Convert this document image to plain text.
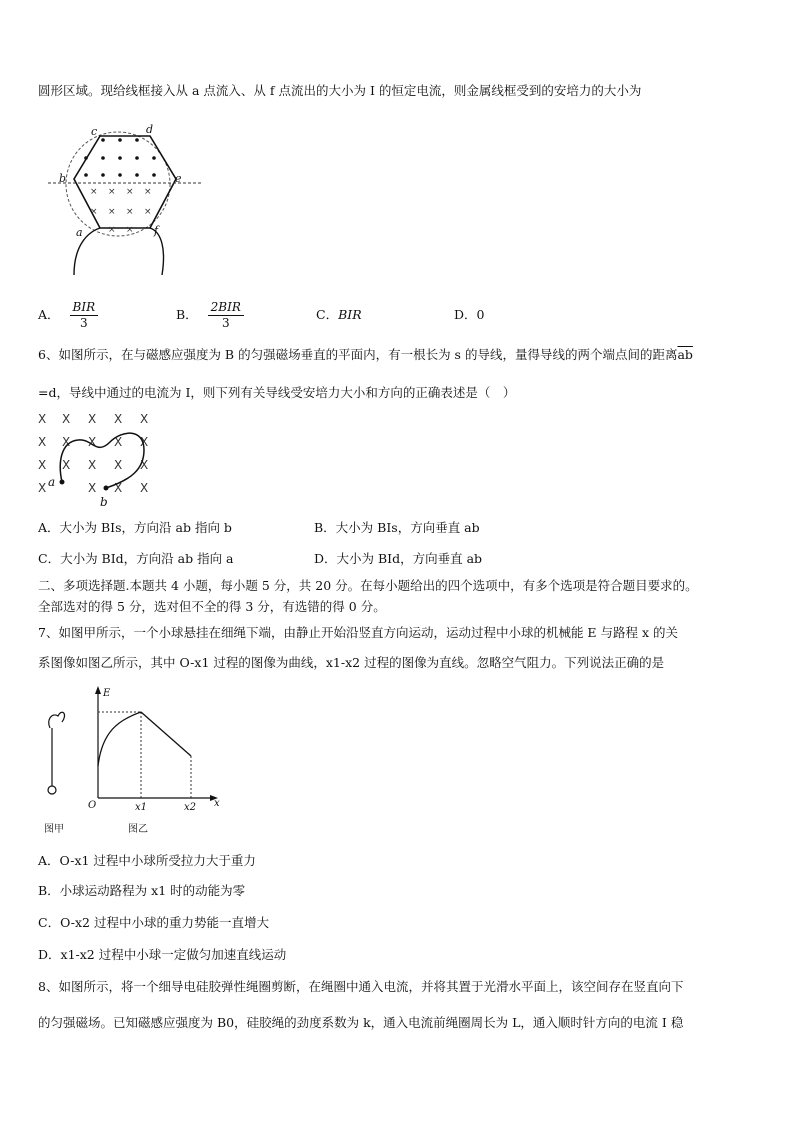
圆形区域。现给线框接入从 a 点流入、从 f 点流出的大小为 I 的恒定电流，则金属线框受到的安培力的大小为
× × × ×
× × × ×
× ×
c	d
b	e
a	f
A． $\frac{\text{BIR}}{3}$	B． $\frac{\text{2BIR}}{3}$	C．BIR	D．0
6、如图所示，在与磁感应强度为 B 的匀强磁场垂直的平面内，有一根长为 s 的导线，量得导线的两个端点间的距离$\overline{ab}$
=d，导线中通过的电流为 I，则下列有关导线受安培力大小和方向的正确表述是（　）
X X X X X
X X X X X
X X X X X
X	X X X
a
b
A．大小为 BIs，方向沿 ab 指向 b	B．大小为 BIs，方向垂直 ab
C．大小为 BId，方向沿 ab 指向 a	D．大小为 BId，方向垂直 ab
二、多项选择题.本题共 4 小题，每小题 5 分，共 20 分。在每小题给出的四个选项中，有多个选项是符合题目要求的。
全部选对的得 5 分，选对但不全的得 3 分，有选错的得 0 分。
7、如图甲所示，一个小球悬挂在细绳下端，由静止开始沿竖直方向运动，运动过程中小球的机械能 E 与路程 x 的关
系图像如图乙所示，其中 O-x1 过程的图像为曲线，x1-x2 过程的图像为直线。忽略空气阻力。下列说法正确的是
E
x
O	x1	x2
图甲	图乙
A．O-x1 过程中小球所受拉力大于重力
B．小球运动路程为 x1 时的动能为零
C．O-x2 过程中小球的重力势能一直增大
D．x1-x2 过程中小球一定做匀加速直线运动
8、如图所示，将一个细导电硅胶弹性绳圈剪断，在绳圈中通入电流，并将其置于光滑水平面上，该空间存在竖直向下
的匀强磁场。已知磁感应强度为 B0，硅胶绳的劲度系数为 k，通入电流前绳圈周长为 L，通入顺时针方向的电流 I 稳
